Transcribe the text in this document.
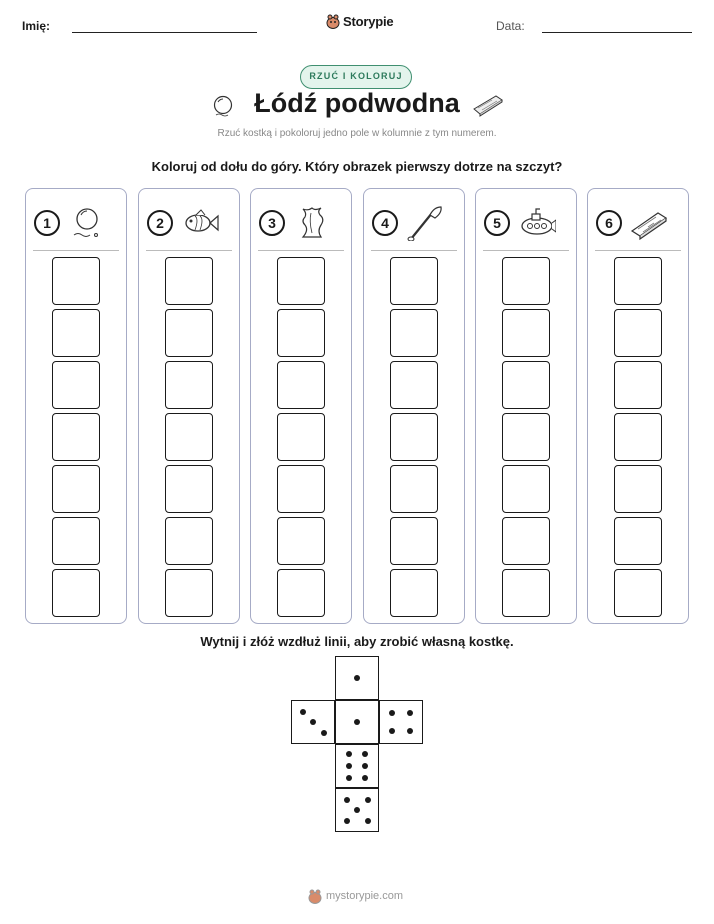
Imię:	Storypie	Data:
RZUĆ I KOLORUJ
Łódź podwodna
Rzuć kostką i pokoloruj jedno pole w kolumnie z tym numerem.
Koloruj od dołu do góry. Który obrazek pierwszy dotrze na szczyt?
1	2	3	4	5	6
Wytnij i złóż wzdłuż linii, aby zrobić własną kostkę.
mystorypie.com
